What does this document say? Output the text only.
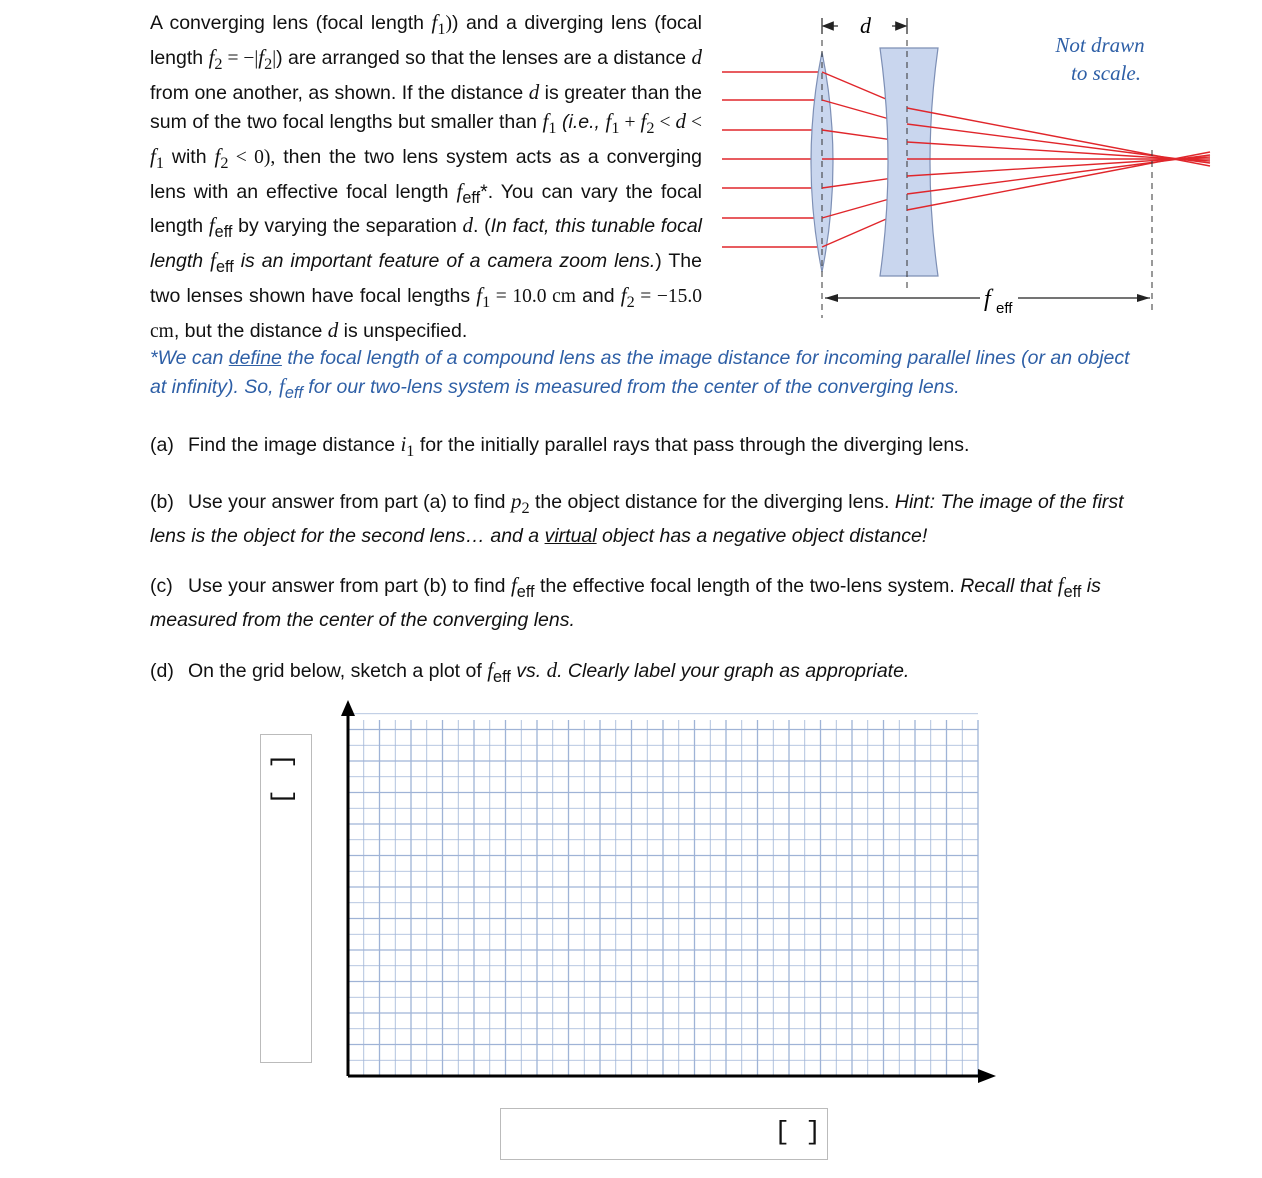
A converging lens (focal length $f_1$)) and a diverging lens (focal length $f_2 = -|f_2|$) are arranged so that the lenses are a distance d from one another, as shown. If the distance d is greater than the sum of the two focal lengths but smaller than $f_1$ (i.e., $f_1 + f_2 < d < f_1$ with $f_2 < 0$), then the two lens system acts as a converging lens with an effective focal length $f_{eff}*$. You can vary the focal length $f_{eff}$ by varying the separation d. (In fact, this tunable focal length $f_{eff}$ is an important feature of a camera zoom lens.) The two lenses shown have focal lengths $f_1 = 10.0$ cm and $f_2 = -15.0$ cm, but the distance d is unspecified.

d
f eff
Not drawn
to scale.
*We can define the focal length of a compound lens as the image distance for incoming parallel lines (or an object at infinity). So, $f_{eff}$ for our two-lens system is measured from the center of the converging lens.
(a) Find the image distance $i_1$ for the initially parallel rays that pass through the diverging lens.
(b) Use your answer from part (a) to find $p_2$ the object distance for the diverging lens. Hint: The image of the first lens is the object for the second lens… and a virtual object has a negative object distance!
(c) Use your answer from part (b) to find $f_{eff}$ the effective focal length of the two-lens system. Recall that $f_{eff}$ is measured from the center of the converging lens.
(d) On the grid below, sketch a plot of $f_{eff}$ vs. d. Clearly label your graph as appropriate.
[
]
[ ]
